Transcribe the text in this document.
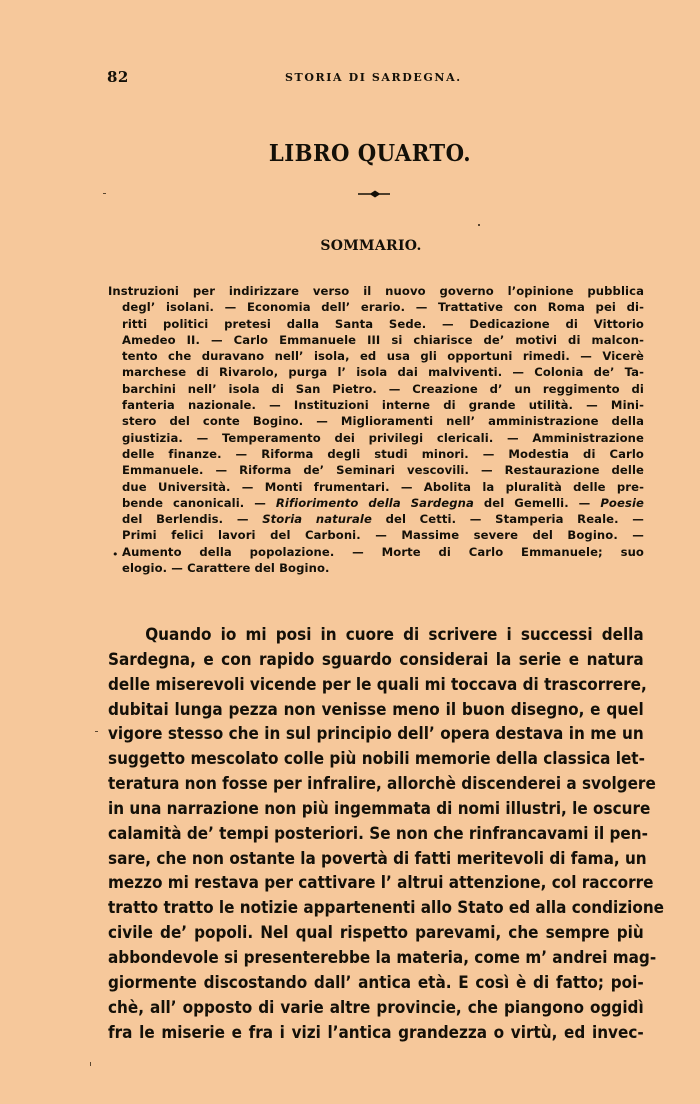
82	STORIA DI SARDEGNA.
LIBRO QUARTO.
SOMMARIO.
Instruzioni per indirizzare verso il nuovo governo l’opinione pubblica
degl’ isolani. — Economia dell’ erario. — Trattative con Roma pei di-
ritti politici pretesi dalla Santa Sede. — Dedicazione di Vittorio
Amedeo II. — Carlo Emmanuele III si chiarisce de’ motivi di malcon-
tento che duravano nell’ isola, ed usa gli opportuni rimedi. — Vicerè
marchese di Rivarolo, purga l’ isola dai malviventi. — Colonia de’ Ta-
barchini nell’ isola di San Pietro. — Creazione d’ un reggimento di
fanteria nazionale. — Instituzioni interne di grande utilità. — Mini-
stero del conte Bogino. — Miglioramenti nell’ amministrazione della
giustizia. — Temperamento dei privilegi clericali. — Amministrazione
delle finanze. — Riforma degli studi minori. — Modestia di Carlo
Emmanuele. — Riforma de’ Seminari vescovili. — Restaurazione delle
due Università. — Monti frumentari. — Abolita la pluralità delle pre-
bende canonicali. — Rifiorimento della Sardegna del Gemelli. — Poesie
del Berlendis. — Storia naturale del Cetti. — Stamperia Reale. —
Primi felici lavori del Carboni. — Massime severe del Bogino. —
Aumento della popolazione. — Morte di Carlo Emmanuele; suo
elogio. — Carattere del Bogino.
Quando io mi posi in cuore di scrivere i successi della
Sardegna, e con rapido sguardo considerai la serie e natura
delle miserevoli vicende per le quali mi toccava di trascorrere,
dubitai lunga pezza non venisse meno il buon disegno, e quel
vigore stesso che in sul principio dell’ opera destava in me un
suggetto mescolato colle più nobili memorie della classica let-
teratura non fosse per infralire, allorchè discenderei a svolgere
in una narrazione non più ingemmata di nomi illustri, le oscure
calamità de’ tempi posteriori. Se non che rinfrancavami il pen-
sare, che non ostante la povertà di fatti meritevoli di fama, un
mezzo mi restava per cattivare l’ altrui attenzione, col raccorre
tratto tratto le notizie appartenenti allo Stato ed alla condizione
civile de’ popoli. Nel qual rispetto parevami, che sempre più
abbondevole si presenterebbe la materia, come m’ andrei mag-
giormente discostando dall’ antica età. E così è di fatto; poi-
chè, all’ opposto di varie altre provincie, che piangono oggidì
fra le miserie e fra i vizi l’antica grandezza o virtù, ed invec-
•
